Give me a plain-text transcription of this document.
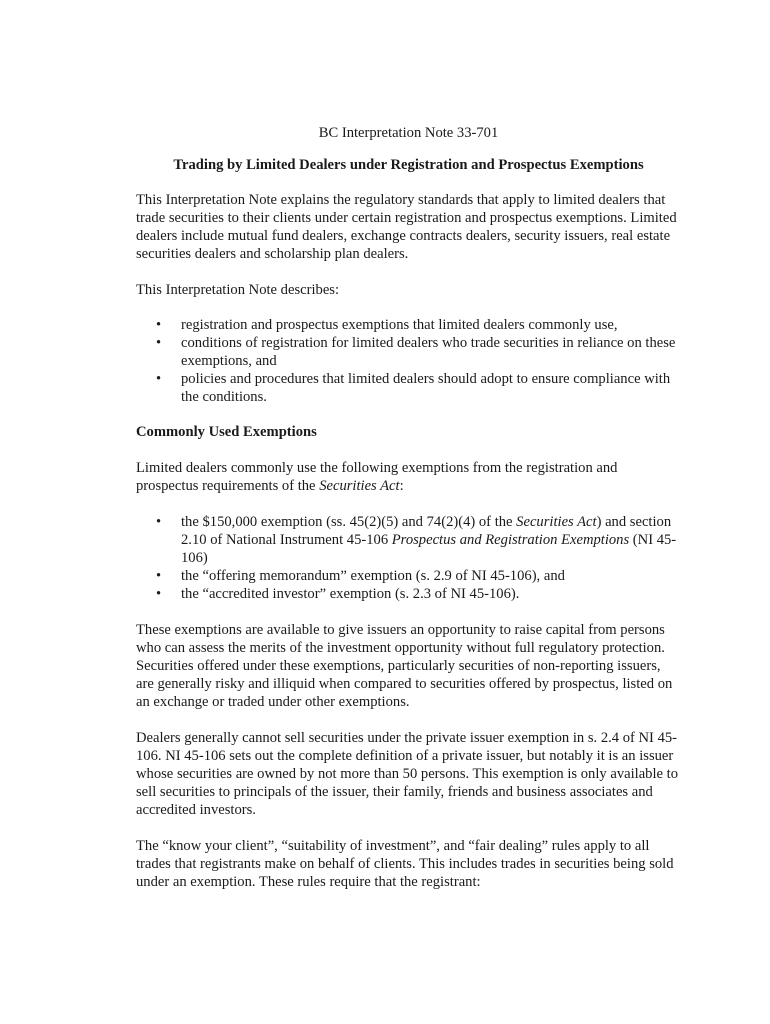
BC Interpretation Note 33-701
Trading by Limited Dealers under Registration and Prospectus Exemptions

This Interpretation Note explains the regulatory standards that apply to limited dealers that trade securities to their clients under certain registration and prospectus exemptions. Limited dealers include mutual fund dealers, exchange contracts dealers, security issuers, real estate securities dealers and scholarship plan dealers.

This Interpretation Note describes:

• registration and prospectus exemptions that limited dealers commonly use,
• conditions of registration for limited dealers who trade securities in reliance on these exemptions, and
• policies and procedures that limited dealers should adopt to ensure compliance with the conditions.
Commonly Used Exemptions

Limited dealers commonly use the following exemptions from the registration and prospectus requirements of the Securities Act:

• the $150,000 exemption (ss. 45(2)(5) and 74(2)(4) of the Securities Act) and section 2.10 of National Instrument 45-106 Prospectus and Registration Exemptions (NI 45-106)
• the “offering memorandum” exemption (s. 2.9 of NI 45-106), and
• the “accredited investor” exemption (s. 2.3 of NI 45-106).

These exemptions are available to give issuers an opportunity to raise capital from persons who can assess the merits of the investment opportunity without full regulatory protection. Securities offered under these exemptions, particularly securities of non-reporting issuers, are generally risky and illiquid when compared to securities offered by prospectus, listed on an exchange or traded under other exemptions.

Dealers generally cannot sell securities under the private issuer exemption in s. 2.4 of NI 45-106. NI 45-106 sets out the complete definition of a private issuer, but notably it is an issuer whose securities are owned by not more than 50 persons. This exemption is only available to sell securities to principals of the issuer, their family, friends and business associates and accredited investors.

The “know your client”, “suitability of investment”, and “fair dealing” rules apply to all trades that registrants make on behalf of clients. This includes trades in securities being sold under an exemption. These rules require that the registrant:
